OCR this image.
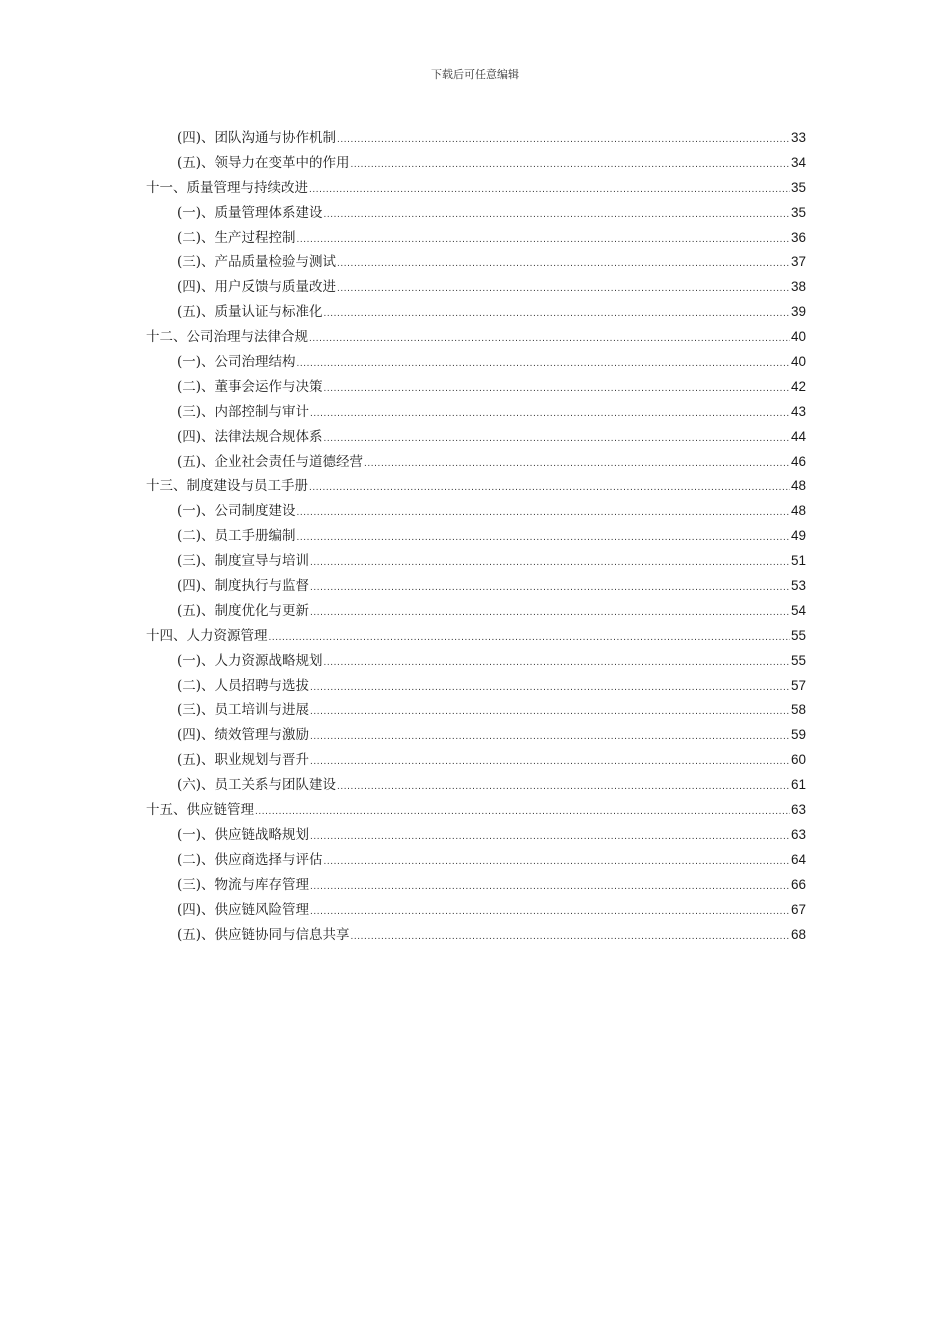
下载后可任意编辑
(四)、团队沟通与协作机制 .....	33
(五)、领导力在变革中的作用 .....	34
十一、质量管理与持续改进 .....	35
(一)、质量管理体系建设 .....	35
(二)、生产过程控制 .....	36
(三)、产品质量检验与测试 .....	37
(四)、用户反馈与质量改进 .....	38
(五)、质量认证与标准化 .....	39
十二、公司治理与法律合规 .....	40
(一)、公司治理结构 .....	40
(二)、董事会运作与决策 .....	42
(三)、内部控制与审计 .....	43
(四)、法律法规合规体系 .....	44
(五)、企业社会责任与道德经营 .....	46
十三、制度建设与员工手册 .....	48
(一)、公司制度建设 .....	48
(二)、员工手册编制 .....	49
(三)、制度宣导与培训 .....	51
(四)、制度执行与监督 .....	53
(五)、制度优化与更新 .....	54
十四、人力资源管理 .....	55
(一)、人力资源战略规划 .....	55
(二)、人员招聘与选拔 .....	57
(三)、员工培训与进展 .....	58
(四)、绩效管理与激励 .....	59
(五)、职业规划与晋升 .....	60
(六)、员工关系与团队建设 .....	61
十五、供应链管理 .....	63
(一)、供应链战略规划 .....	63
(二)、供应商选择与评估 .....	64
(三)、物流与库存管理 .....	66
(四)、供应链风险管理 .....	67
(五)、供应链协同与信息共享 .....	68
